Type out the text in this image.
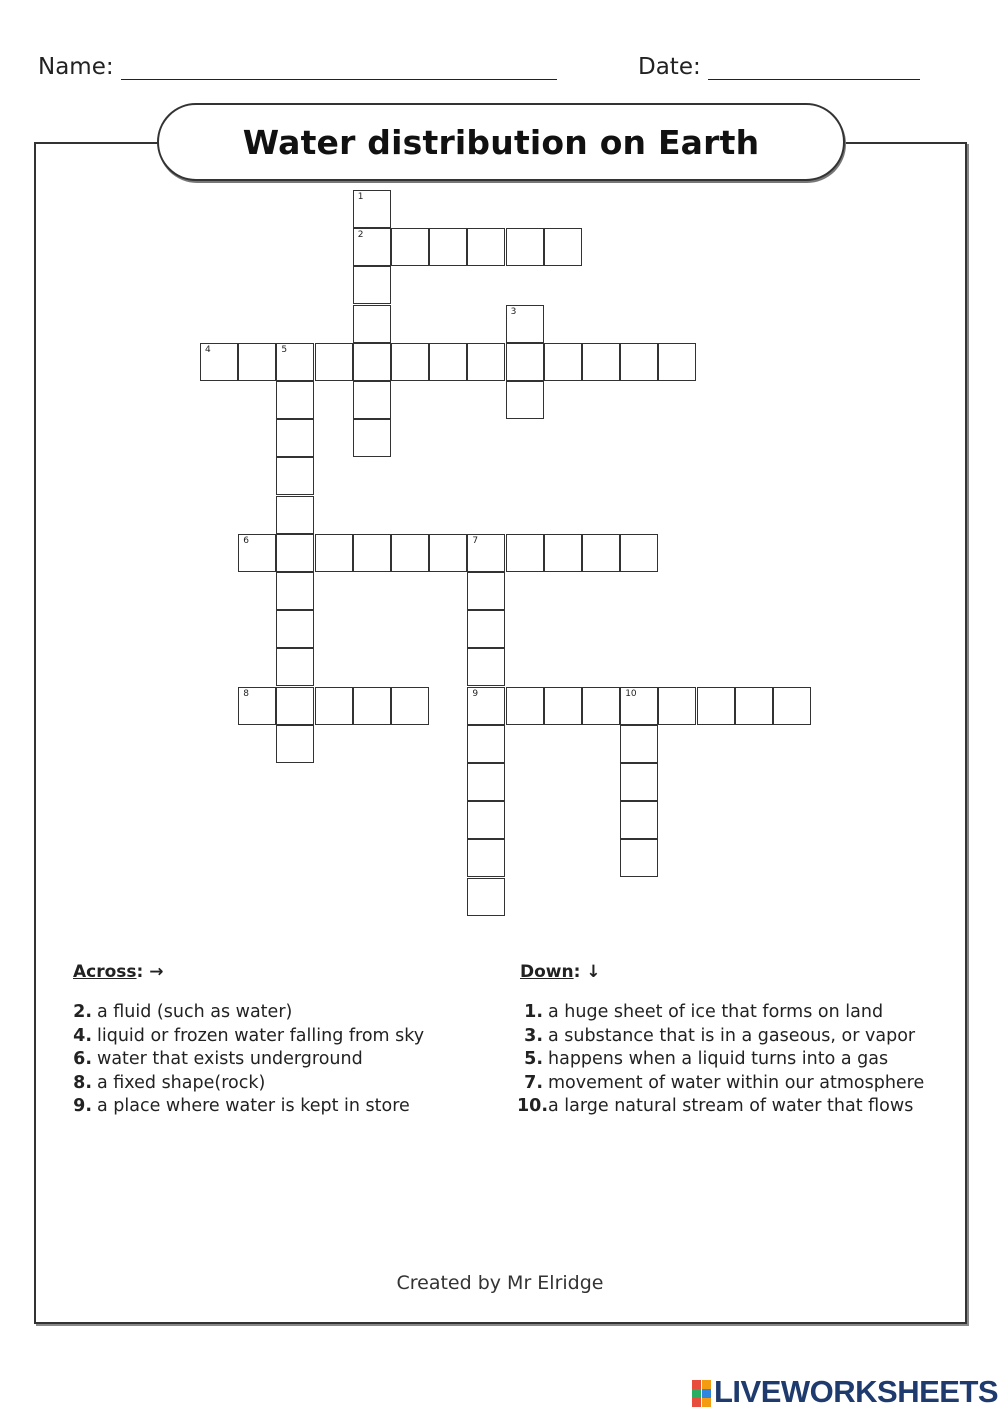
Name:	Date:
Water distribution on Earth
1
2
3
4	5
6	7
9
8	10
Across: →
2. a fluid (such as water)
4. liquid or frozen water falling from sky
6. water that exists underground
8. a fixed shape(rock)
9. a place where water is kept in store
Down: ↓
1. a huge sheet of ice that forms on land
3. a substance that is in a gaseous, or vapor
5. happens when a liquid turns into a gas
7. movement of water within our atmosphere
10. a large natural stream of water that flows
Created by Mr Elridge
LIVEWORKSHEETS
